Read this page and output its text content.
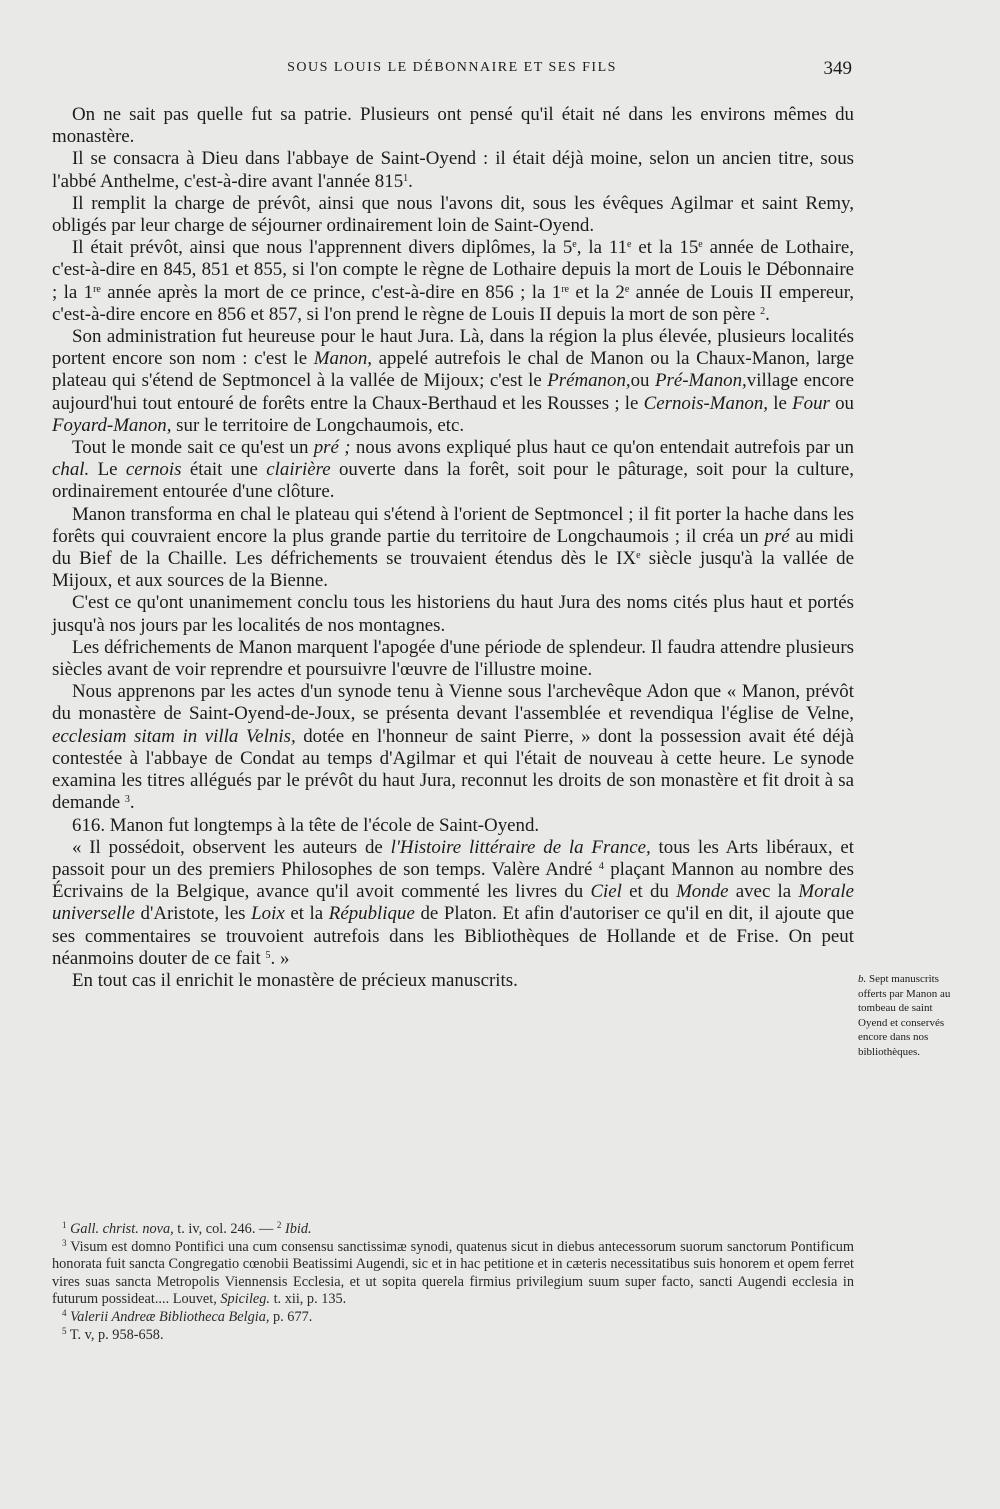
SOUS LOUIS LE DÉBONNAIRE ET SES FILS	349

On ne sait pas quelle fut sa patrie. Plusieurs ont pensé qu'il était né dans les environs mêmes du monastère.

Il se consacra à Dieu dans l'abbaye de Saint-Oyend : il était déjà moine, selon un ancien titre, sous l'abbé Anthelme, c'est-à-dire avant l'année $815^1$.

Il remplit la charge de prévôt, ainsi que nous l'avons dit, sous les évêques Agilmar et saint Remy, obligés par leur charge de séjourner ordinairement loin de Saint-Oyend.

Il était prévôt, ainsi que nous l'apprennent divers diplômes, la 5e, la 11e et la 15e année de Lothaire, c'est-à-dire en 845, 851 et 855, si l'on compte le règne de Lothaire depuis la mort de Louis le Débonnaire ; la 1re année après la mort de ce prince, c'est-à-dire en 856 ; la 1re et la 2e année de Louis II empereur, c'est-à-dire encore en 856 et 857, si l'on prend le règne de Louis II depuis la mort de son père $^2$.

Son administration fut heureuse pour le haut Jura. Là, dans la région la plus élevée, plusieurs localités portent encore son nom : c'est le Manon, appelé autrefois le chal de Manon ou la Chaux-Manon, large plateau qui s'étend de Septmoncel à la vallée de Mijoux; c'est le Prémanon,ou Pré-Manon,village encore aujourd'hui tout entouré de forêts entre la Chaux-Berthaud et les Rousses ; le Cernois-Manon, le Four ou Foyard-Manon, sur le territoire de Longchaumois, etc.

Tout le monde sait ce qu'est un pré ; nous avons expliqué plus haut ce qu'on entendait autrefois par un chal. Le cernois était une clairière ouverte dans la forêt, soit pour le pâturage, soit pour la culture, ordinairement entourée d'une clôture.

Manon transforma en chal le plateau qui s'étend à l'orient de Septmoncel ; il fit porter la hache dans les forêts qui couvraient encore la plus grande partie du territoire de Longchaumois ; il créa un pré au midi du Bief de la Chaille. Les défrichements se trouvaient étendus dès le IXe siècle jusqu'à la vallée de Mijoux, et aux sources de la Bienne.

C'est ce qu'ont unanimement conclu tous les historiens du haut Jura des noms cités plus haut et portés jusqu'à nos jours par les localités de nos montagnes.

Les défrichements de Manon marquent l'apogée d'une période de splendeur. Il faudra attendre plusieurs siècles avant de voir reprendre et poursuivre l'œuvre de l'illustre moine.

Nous apprenons par les actes d'un synode tenu à Vienne sous l'archevêque Adon que « Manon, prévôt du monastère de Saint-Oyend-de-Joux, se présenta devant l'assemblée et revendiqua l'église de Velne, ecclesiam sitam in villa Velnis, dotée en l'honneur de saint Pierre, » dont la possession avait été déjà contestée à l'abbaye de Condat au temps d'Agilmar et qui l'était de nouveau à cette heure. Le synode examina les titres allégués par le prévôt du haut Jura, reconnut les droits de son monastère et fit droit à sa demande $^3$.

616. Manon fut longtemps à la tête de l'école de Saint-Oyend.

« Il possédoit, observent les auteurs de l'Histoire littéraire de la France, tous les Arts libéraux, et passoit pour un des premiers Philosophes de son temps. Valère André $^4$ plaçant Mannon au nombre des Écrivains de la Belgique, avance qu'il avoit commenté les livres du Ciel et du Monde avec la Morale universelle d'Aristote, les Loix et la République de Platon. Et afin d'autoriser ce qu'il en dit, il ajoute que ses commentaires se trouvoient autrefois dans les Bibliothèques de Hollande et de Frise. On peut néanmoins douter de ce fait $^5$. »

En tout cas il enrichit le monastère de précieux manuscrits.	b. Sept manuscrits offerts par Manon au tombeau de saint Oyend et conservés encore dans nos bibliothèques.

$^1$ Gall. christ. nova, t. iv, col. 246. — $^2$ Ibid.

$^3$ Visum est domno Pontifici una cum consensu sanctissimæ synodi, quatenus sicut in diebus antecessorum suorum sanctorum Pontificum honorata fuit sancta Congregatio cœnobii Beatissimi Augendi, sic et in hac petitione et in cæteris necessitatibus suis honorem et opem ferret vires suas sancta Metropolis Viennensis Ecclesia, et ut sopita querela firmius privilegium suum super facto, sancti Augendi ecclesia in futurum possideat.... Louvet, Spicileg. t. xii, p. 135.

$^4$ Valerii Andreæ Bibliotheca Belgia, p. 677.

$^5$ T. v, p. 958-658.
